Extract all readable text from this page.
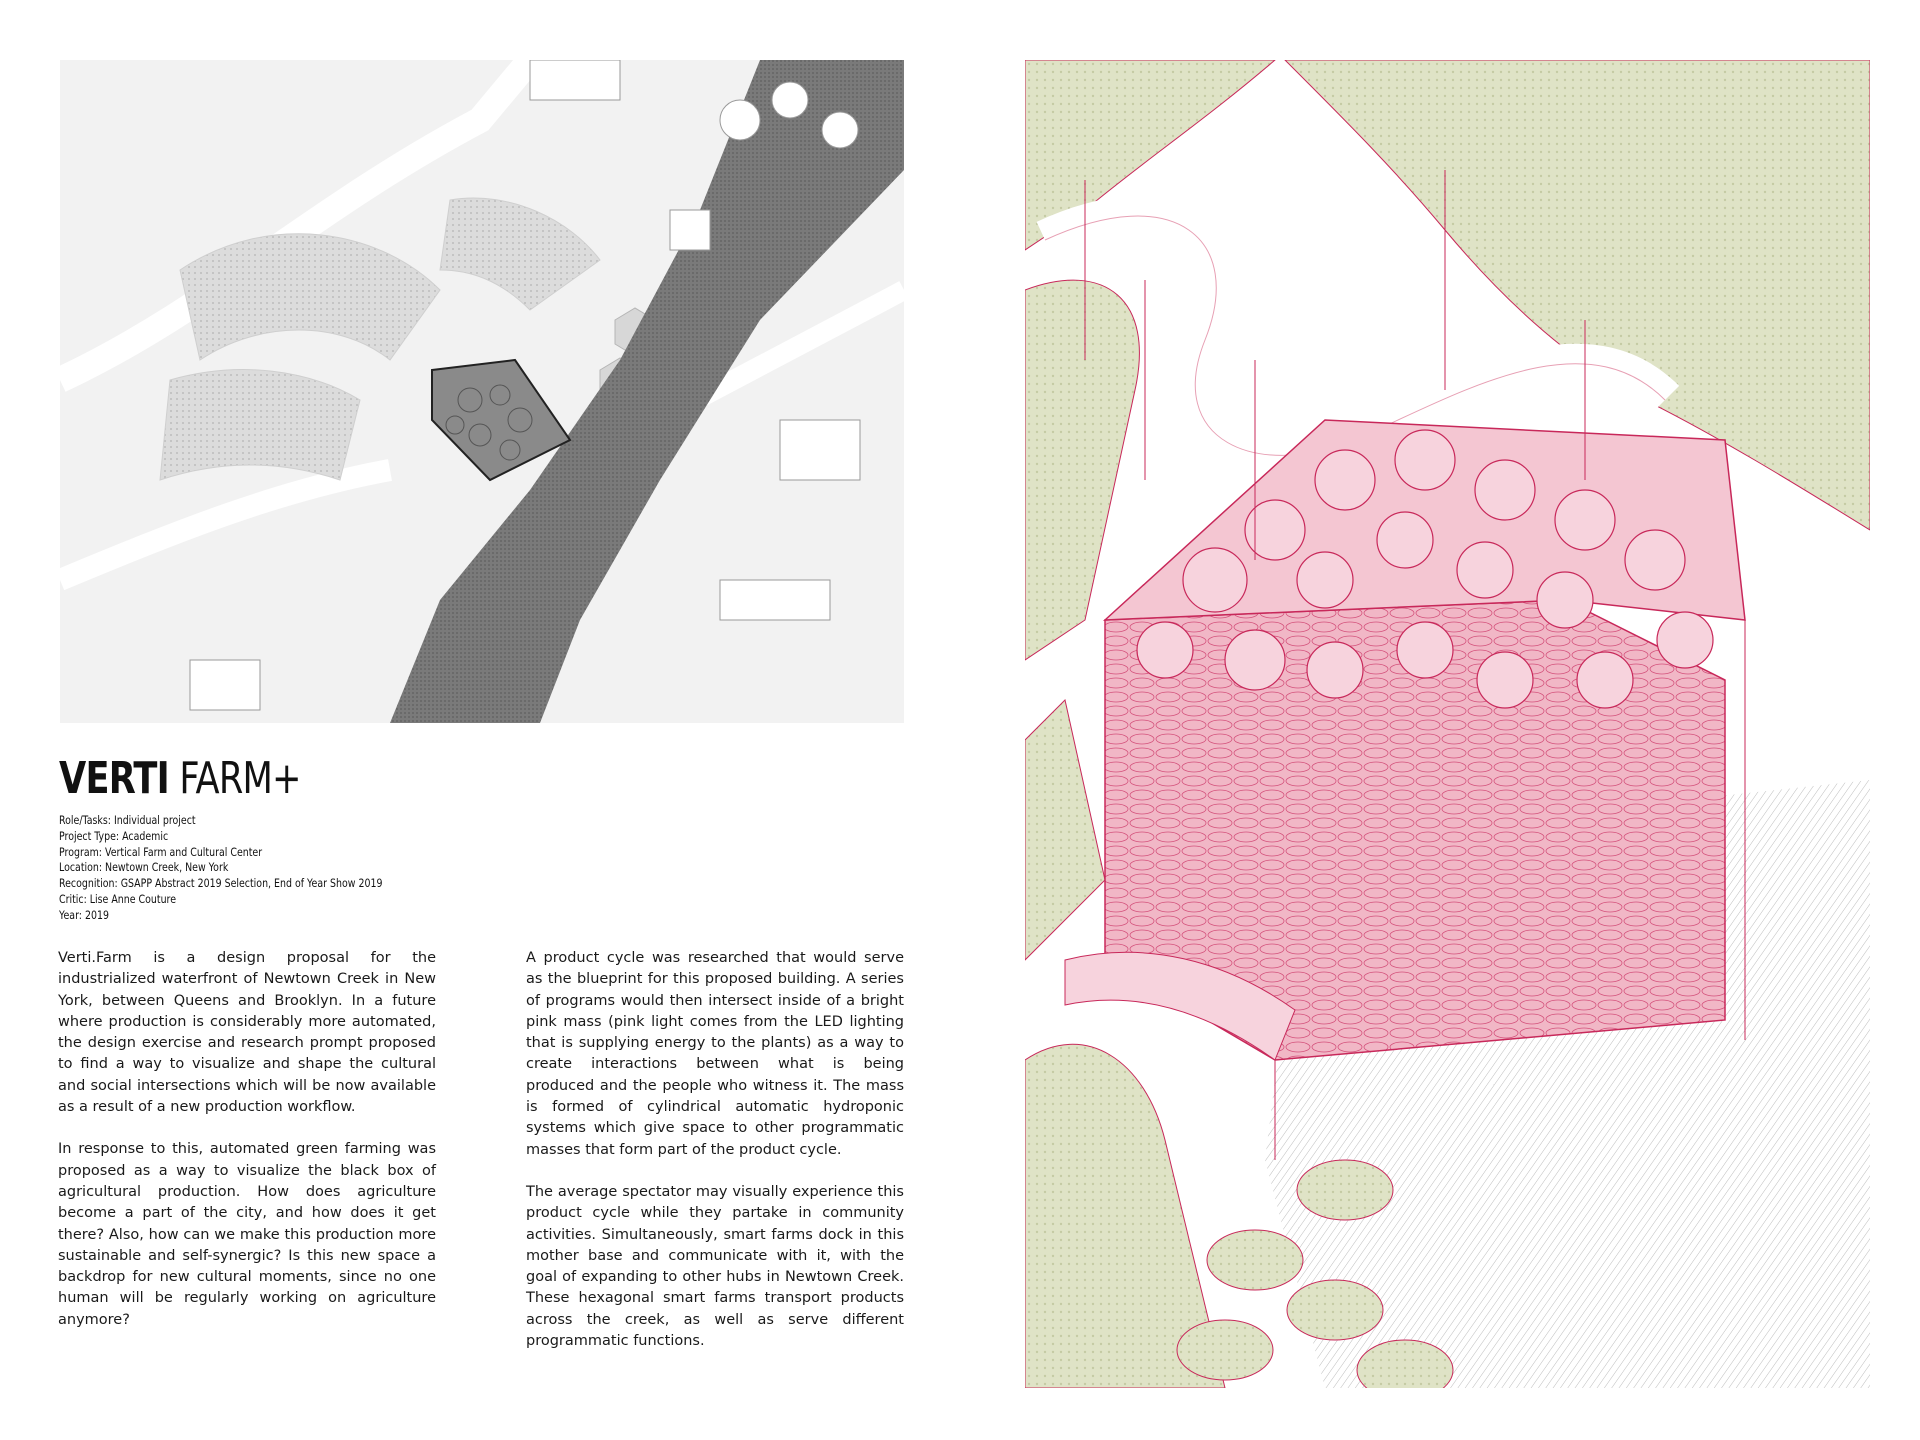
VERTI FARM+
Role/Tasks: Individual project
Project Type: Academic
Program: Vertical Farm and Cultural Center
Location: Newtown Creek, New York
Recognition: GSAPP Abstract 2019 Selection, End of Year Show 2019
Critic: Lise Anne Couture
Year: 2019

Verti.Farm is a design proposal for the industrialized waterfront of Newtown Creek in New York, between Queens and Brooklyn. In a future where production is considerably more automated, the design exercise and research prompt proposed to find a way to visualize and shape the cultural and social intersections which will be now available as a result of a new production workflow.

In response to this, automated green farming was proposed as a way to visualize the black box of agricultural production. How does agriculture become a part of the city, and how does it get there? Also, how can we make this production more sustainable and self-synergic? Is this new space a backdrop for new cultural moments, since no one human will be regularly working on agriculture anymore?

A product cycle was researched that would serve as the blueprint for this proposed building. A series of programs would then intersect inside of a bright pink mass (pink light comes from the LED lighting that is supplying energy to the plants) as a way to create interactions between what is being produced and the people who witness it. The mass is formed of cylindrical automatic hydroponic systems which give space to other programmatic masses that form part of the product cycle.

The average spectator may visually experience this product cycle while they partake in community activities. Simultaneously, smart farms dock in this mother base and communicate with it, with the goal of expanding to other hubs in Newtown Creek. These hexagonal smart farms transport products across the creek, as well as serve different programmatic functions.
